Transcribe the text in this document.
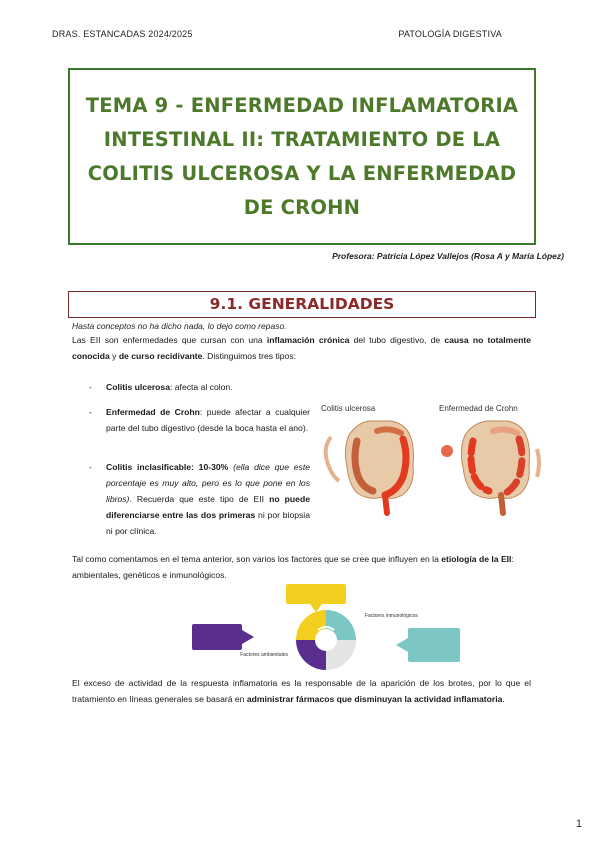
DRAS. ESTANCADAS 2024/2025	PATOLOGÍA DIGESTIVA
TEMA 9 - ENFERMEDAD INFLAMATORIA INTESTINAL II: TRATAMIENTO DE LA COLITIS ULCEROSA Y LA ENFERMEDAD DE CROHN
Profesora: Patricia López Vallejos (Rosa A y María López)
9.1. GENERALIDADES
Hasta conceptos no ha dicho nada, lo dejo como repaso.
Las EII son enfermedades que cursan con una inflamación crónica del tubo digestivo, de causa no totalmente conocida y de curso recidivante. Distinguimos tres tipos:
- Colitis ulcerosa: afecta al colon.
- Enfermedad de Crohn: puede afectar a cualquier parte del tubo digestivo (desde la boca hasta el ano).
- Colitis inclasificable: 10-30% (ella dice que este porcentaje es muy alto, pero es lo que pone en los libros). Recuerda que este tipo de EII no puede diferenciarse entre las dos primeras ni por biopsia ni por clínica.
Colitis ulcerosa	Enfermedad de Crohn
Tal como comentamos en el tema anterior, son varios los factores que se cree que influyen en la etiología de la EII: ambientales, genéticos e inmunológicos.
Factores inmunológicos
Factores ambientales
El exceso de actividad de la respuesta inflamatoria es la responsable de la aparición de los brotes, por lo que el tratamiento en líneas generales se basará en administrar fármacos que disminuyan la actividad inflamatoria.
1
